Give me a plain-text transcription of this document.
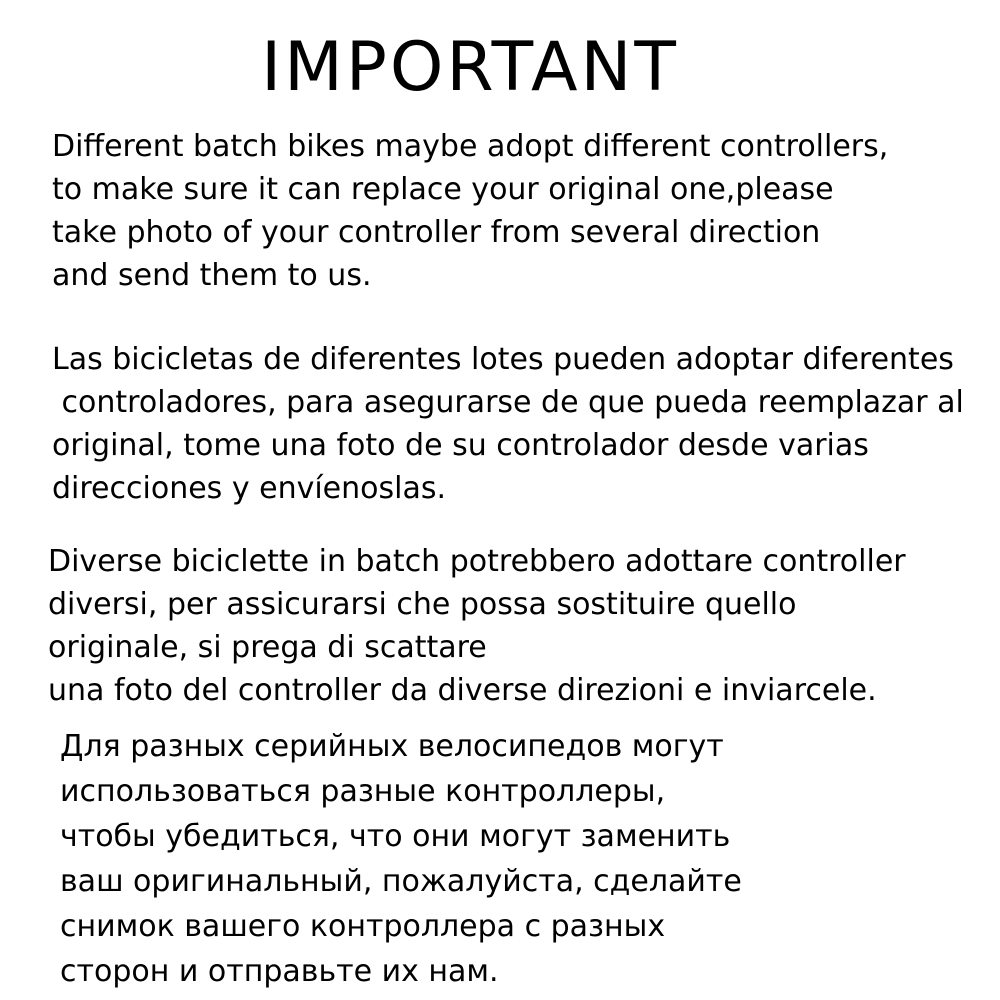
IMPORTANT
Different batch bikes maybe adopt different controllers,
to make sure it can replace your original one,please
take photo of your controller from several direction
and send them to us.
Las bicicletas de diferentes lotes pueden adoptar diferentes
controladores, para asegurarse de que pueda reemplazar al
original, tome una foto de su controlador desde varias
direcciones y envíenoslas.
Diverse biciclette in batch potrebbero adottare controller
diversi, per assicurarsi che possa sostituire quello
originale, si prega di scattare
una foto del controller da diverse direzioni e inviarcele.
Для разных серийных велосипедов могут
использоваться разные контроллеры,
чтобы убедиться, что они могут заменить
ваш оригинальный, пожалуйста, сделайте
снимок вашего контроллера с разных
сторон и отправьте их нам.
